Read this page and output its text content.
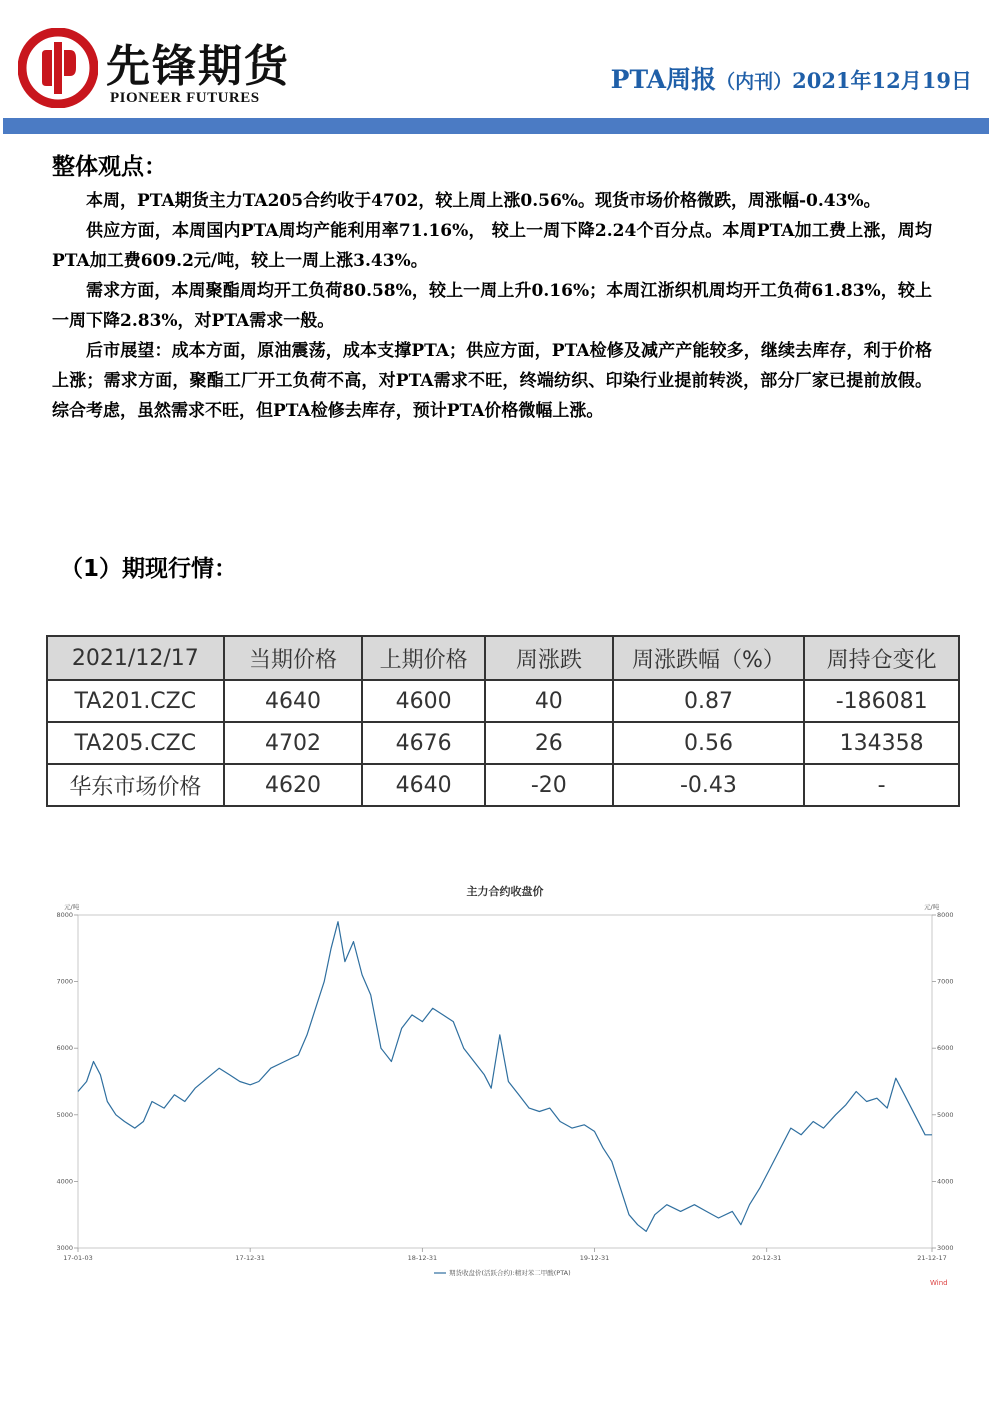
先锋期货
PIONEER FUTURES
PTA周报（内刊）2021年12月19日
整体观点：

本周，PTA期货主力TA205合约收于4702，较上周上涨0.56%。现货市场价格微跌，周涨幅-0.43%。

供应方面，本周国内PTA周均产能利用率71.16%， 较上一周下降2.24个百分点。本周PTA加工费上涨，周均PTA加工费609.2元/吨，较上一周上涨3.43%。

需求方面，本周聚酯周均开工负荷80.58%，较上一周上升0.16%；本周江浙织机周均开工负荷61.83%，较上一周下降2.83%，对PTA需求一般。

后市展望：成本方面，原油震荡，成本支撑PTA；供应方面，PTA检修及减产产能较多，继续去库存，利于价格上涨；需求方面，聚酯工厂开工负荷不高，对PTA需求不旺，终端纺织、印染行业提前转淡，部分厂家已提前放假。综合考虑，虽然需求不旺，但PTA检修去库存，预计PTA价格微幅上涨。

（1）期现行情：
2021/12/17	当期价格	上期价格	周涨跌	周涨跌幅（%）	周持仓变化
TA201.CZC	4640	4600	40	0.87	-186081
TA205.CZC	4702	4676	26	0.56	134358
华东市场价格	4620	4640	-20	-0.43	-
主力合约收盘价
元/吨	元/吨
3000	3000
4000	4000
5000	5000
6000	6000
7000	7000
8000	8000
17-01-03	17-12-31	18-12-31	19-12-31	20-12-31	21-12-17
期货收盘价(活跃合约):精对苯二甲酸(PTA)
Wind
